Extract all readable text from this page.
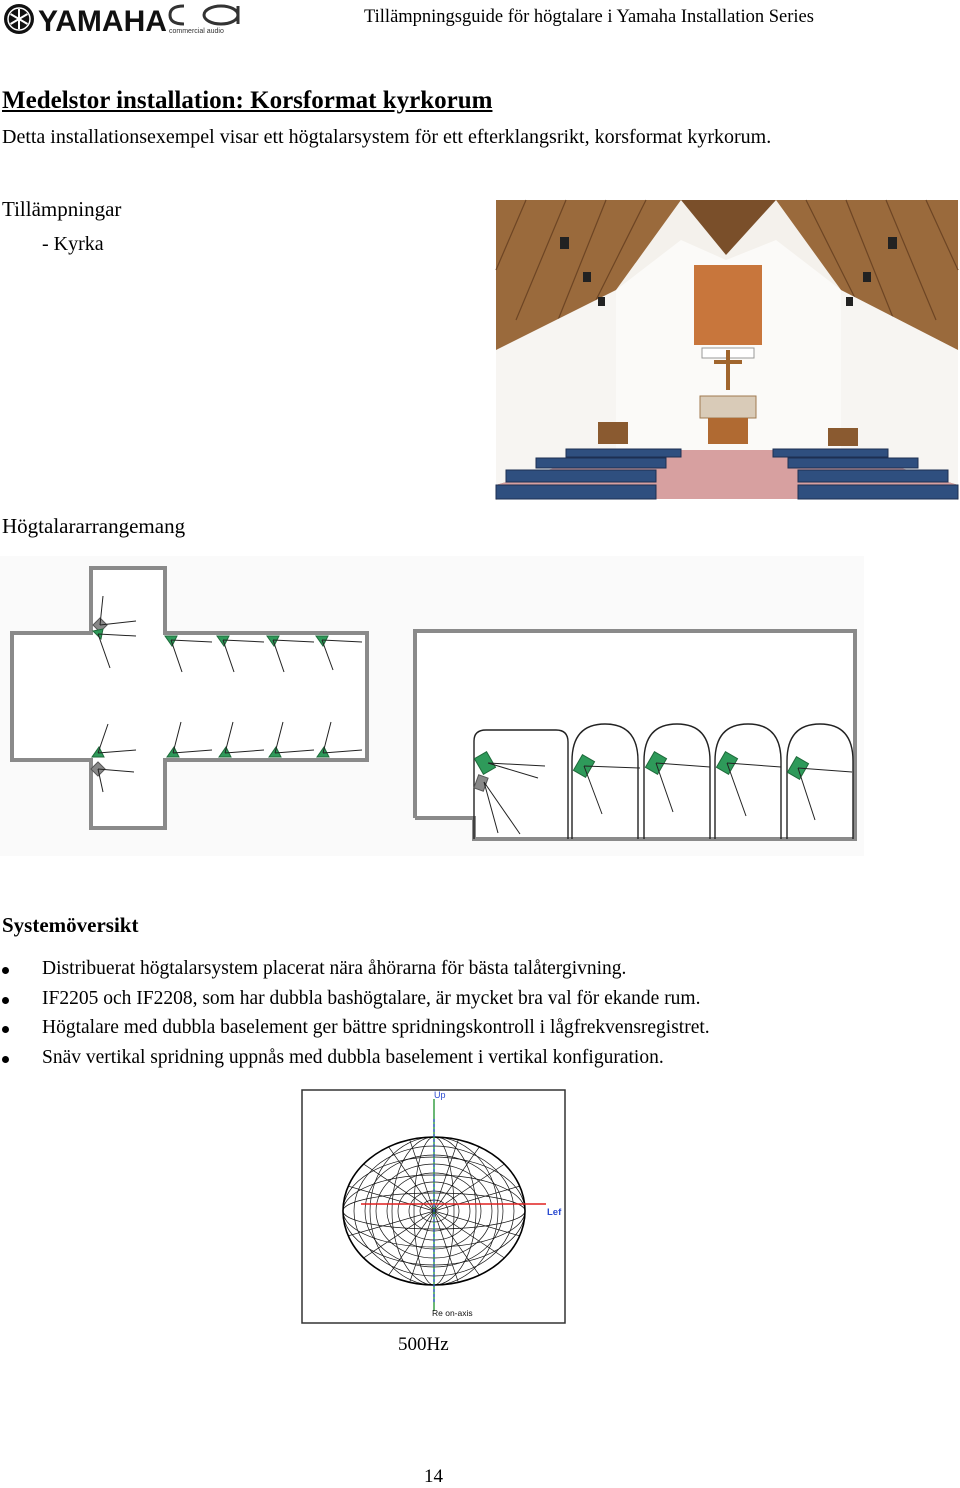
YAMAHA commercial audio
Tillämpningsguide för högtalare i Yamaha Installation Series
Medelstor installation: Korsformat kyrkorum
Detta installationsexempel visar ett högtalarsystem för ett efterklangsrikt, korsformat kyrkorum.
Tillämpningar
- Kyrka
Högtalararrangemang
Systemöversikt
Distribuerat högtalarsystem placerat nära åhörarna för bästa talåtergivning.
IF2205 och IF2208, som har dubbla bashögtalare, är mycket bra val för ekande rum.
Högtalare med dubbla baselement ger bättre spridningskontroll i lågfrekvensregistret.
Snäv vertikal spridning uppnås med dubbla baselement i vertikal konfiguration.
Up
Lef
Re on-axis
500Hz
14
